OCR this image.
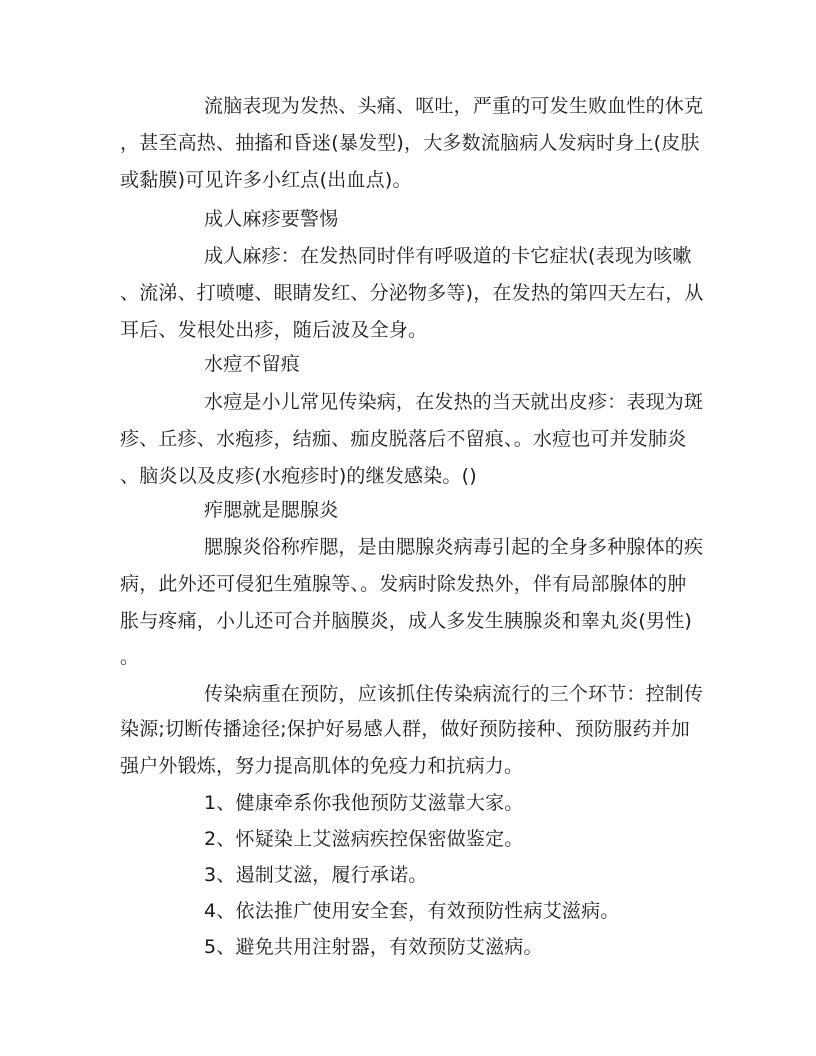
流脑表现为发热、头痛、呕吐，严重的可发生败血性的休克
，甚至高热、抽搐和昏迷(暴发型)，大多数流脑病人发病时身上(皮肤
或黏膜)可见许多小红点(出血点)。
成人麻疹要警惕
成人麻疹：在发热同时伴有呼吸道的卡它症状(表现为咳嗽
、流涕、打喷嚏、眼睛发红、分泌物多等)，在发热的第四天左右，从
耳后、发根处出疹，随后波及全身。
水痘不留痕
水痘是小儿常见传染病，在发热的当天就出皮疹：表现为斑
疹、丘疹、水疱疹，结痂、痂皮脱落后不留痕、。水痘也可并发肺炎
、脑炎以及皮疹(水疱疹时)的继发感染。()
痄腮就是腮腺炎
腮腺炎俗称痄腮，是由腮腺炎病毒引起的全身多种腺体的疾
病，此外还可侵犯生殖腺等、。发病时除发热外，伴有局部腺体的肿
胀与疼痛，小儿还可合并脑膜炎，成人多发生胰腺炎和睾丸炎(男性)
。
传染病重在预防，应该抓住传染病流行的三个环节：控制传
染源;切断传播途径;保护好易感人群，做好预防接种、预防服药并加
强户外锻炼，努力提高肌体的免疫力和抗病力。
1、健康牵系你我他预防艾滋靠大家。
2、怀疑染上艾滋病疾控保密做鉴定。
3、遏制艾滋，履行承诺。
4、依法推广使用安全套，有效预防性病艾滋病。
5、避免共用注射器，有效预防艾滋病。
